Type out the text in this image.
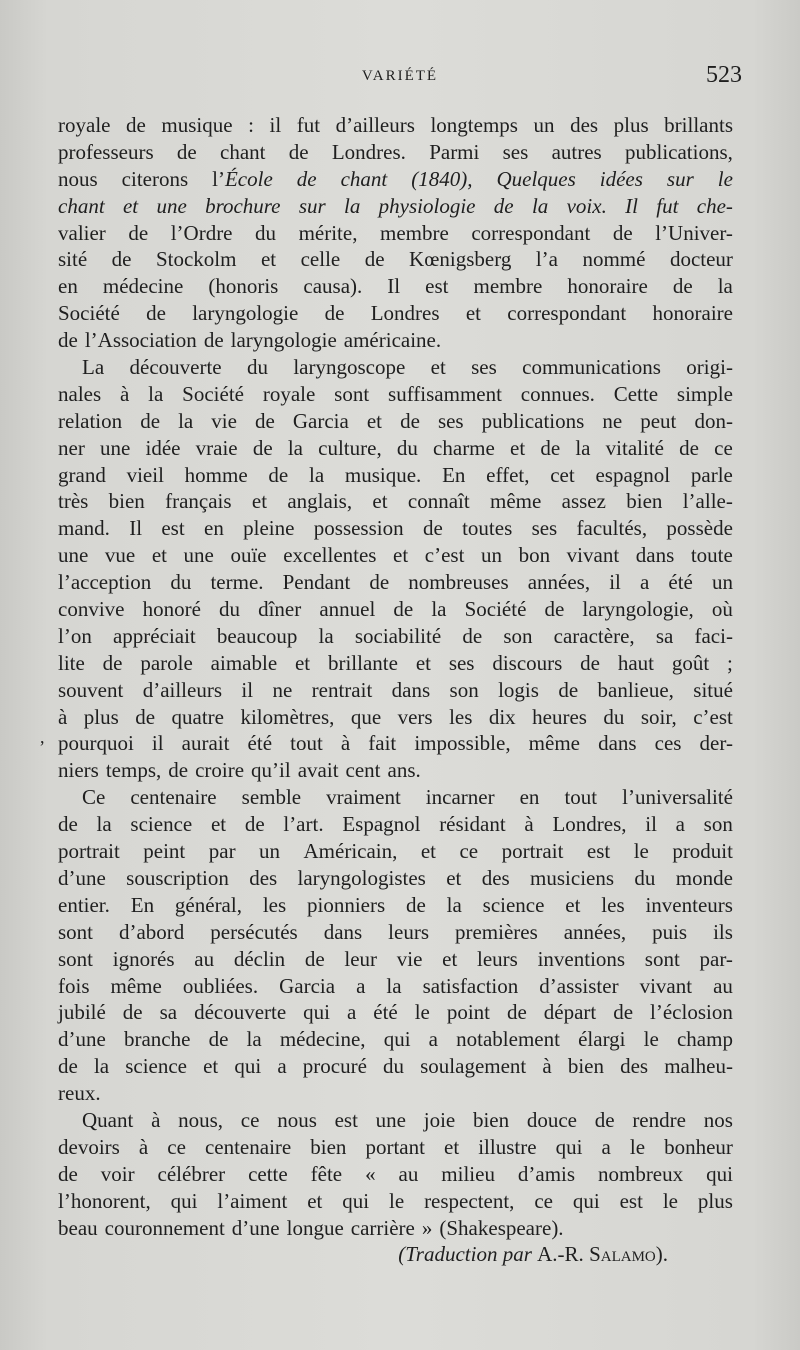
VARIÉTÉ	523
,
royale de musique : il fut d’ailleurs longtemps un des plus brillants
professeurs de chant de Londres. Parmi ses autres publications,
nous citerons l’École de chant (1840), Quelques idées sur le
chant et une brochure sur la physiologie de la voix. Il fut che-
valier de l’Ordre du mérite, membre correspondant de l’Univer-
sité de Stockolm et celle de Kœnigsberg l’a nommé docteur
en médecine (honoris causa). Il est membre honoraire de la
Société de laryngologie de Londres et correspondant honoraire
de l’Association de laryngologie américaine.
La découverte du laryngoscope et ses communications origi-
nales à la Société royale sont suffisamment connues. Cette simple
relation de la vie de Garcia et de ses publications ne peut don-
ner une idée vraie de la culture, du charme et de la vitalité de ce
grand vieil homme de la musique. En effet, cet espagnol parle
très bien français et anglais, et connaît même assez bien l’alle-
mand. Il est en pleine possession de toutes ses facultés, possède
une vue et une ouïe excellentes et c’est un bon vivant dans toute
l’acception du terme. Pendant de nombreuses années, il a été un
convive honoré du dîner annuel de la Société de laryngologie, où
l’on appréciait beaucoup la sociabilité de son caractère, sa faci-
lite de parole aimable et brillante et ses discours de haut goût ;
souvent d’ailleurs il ne rentrait dans son logis de banlieue, situé
à plus de quatre kilomètres, que vers les dix heures du soir, c’est
pourquoi il aurait été tout à fait impossible, même dans ces der-
niers temps, de croire qu’il avait cent ans.
Ce centenaire semble vraiment incarner en tout l’universalité
de la science et de l’art. Espagnol résidant à Londres, il a son
portrait peint par un Américain, et ce portrait est le produit
d’une souscription des laryngologistes et des musiciens du monde
entier. En général, les pionniers de la science et les inventeurs
sont d’abord persécutés dans leurs premières années, puis ils
sont ignorés au déclin de leur vie et leurs inventions sont par-
fois même oubliées. Garcia a la satisfaction d’assister vivant au
jubilé de sa découverte qui a été le point de départ de l’éclosion
d’une branche de la médecine, qui a notablement élargi le champ
de la science et qui a procuré du soulagement à bien des malheu-
reux.
Quant à nous, ce nous est une joie bien douce de rendre nos
devoirs à ce centenaire bien portant et illustre qui a le bonheur
de voir célébrer cette fête « au milieu d’amis nombreux qui
l’honorent, qui l’aiment et qui le respectent, ce qui est le plus
beau couronnement d’une longue carrière » (Shakespeare).
( Traduction par A.-R. Salamo ).
